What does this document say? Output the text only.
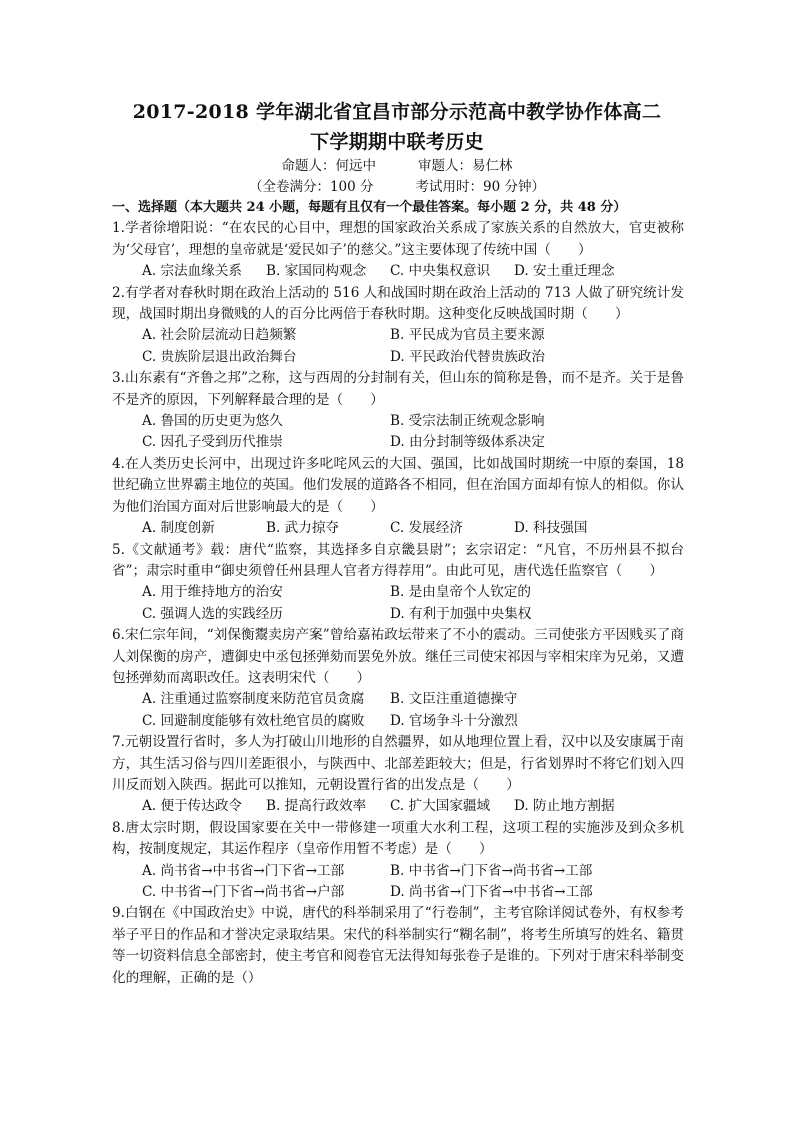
2017-2018 学年湖北省宜昌市部分示范高中教学协作体高二
下学期期中联考历史
命题人：何远中	审题人：易仁林
（全卷满分：100 分	考试用时：90 分钟）
一、选择题（本大题共 24 小题，每题有且仅有一个最佳答案。每小题 2 分，共 48 分）
1.学者徐增阳说：“在农民的心目中，理想的国家政治关系成了家族关系的自然放大，官吏被称为‘父母官’，理想的皇帝就是‘爱民如子’的慈父。”这主要体现了传统中国（　　）
A. 宗法血缘关系	B. 家国同构观念	C. 中央集权意识	D. 安土重迁理念
2.有学者对春秋时期在政治上活动的 516 人和战国时期在政治上活动的 713 人做了研究统计发现，战国时期出身微贱的人的百分比两倍于春秋时期。这种变化反映战国时期（　　）
A. 社会阶层流动日趋频繁	B. 平民成为官员主要来源
C. 贵族阶层退出政治舞台	D. 平民政治代替贵族政治
3.山东素有“齐鲁之邦”之称，这与西周的分封制有关，但山东的简称是鲁，而不是齐。关于是鲁不是齐的原因，下列解释最合理的是（　　）
A. 鲁国的历史更为悠久	B. 受宗法制正统观念影响
C. 因孔子受到历代推崇	D. 由分封制等级体系决定
4.在人类历史长河中，出现过许多叱咤风云的大国、强国，比如战国时期统一中原的秦国，18 世纪确立世界霸主地位的英国。他们发展的道路各不相同，但在治国方面却有惊人的相似。你认为他们治国方面对后世影响最大的是（　　）
A. 制度创新	B. 武力掠夺	C. 发展经济	D. 科技强国
5.《文献通考》载：唐代“监察，其选择多自京畿县尉”；玄宗诏定：“凡官，不历州县不拟台省”；肃宗时重申“御史须曾任州县理人官者方得荐用”。由此可见，唐代选任监察官（　　）
A. 用于维持地方的治安	B. 是由皇帝个人钦定的
C. 强调人选的实践经历	D. 有利于加强中央集权
6.宋仁宗年间，“刘保衡鬻卖房产案”曾给嘉祐政坛带来了不小的震动。三司使张方平因贱买了商人刘保衡的房产，遭御史中丞包拯弹劾而罢免外放。继任三司使宋祁因与宰相宋庠为兄弟，又遭包拯弹劾而离职改任。这表明宋代（　　）
A. 注重通过监察制度来防范官员贪腐	B. 文臣注重道德操守
C. 回避制度能够有效杜绝官员的腐败	D. 官场争斗十分激烈
7.元朝设置行省时，多人为打破山川地形的自然疆界，如从地理位置上看，汉中以及安康属于南方，其生活习俗与四川差距很小，与陕西中、北部差距较大；但是，行省划界时不将它们划入四川反而划入陕西。据此可以推知，元朝设置行省的出发点是（　　）
A. 便于传达政令	B. 提高行政效率	C. 扩大国家疆域	D. 防止地方割据
8.唐太宗时期，假设国家要在关中一带修建一项重大水利工程，这项工程的实施涉及到众多机构，按制度规定，其运作程序（皇帝作用暂不考虑）是（　　）
A. 尚书省→中书省→门下省→工部	B. 中书省→门下省→尚书省→工部
C. 中书省→门下省→尚书省→户部	D. 尚书省→门下省→中书省→工部
9.白钢在《中国政治史》中说，唐代的科举制采用了“行卷制”，主考官除详阅试卷外，有权参考举子平日的作品和才誉决定录取结果。宋代的科举制实行“糊名制”，将考生所填写的姓名、籍贯等一切资料信息全部密封，使主考官和阅卷官无法得知每张卷子是谁的。下列对于唐宋科举制变化的理解，正确的是（）
